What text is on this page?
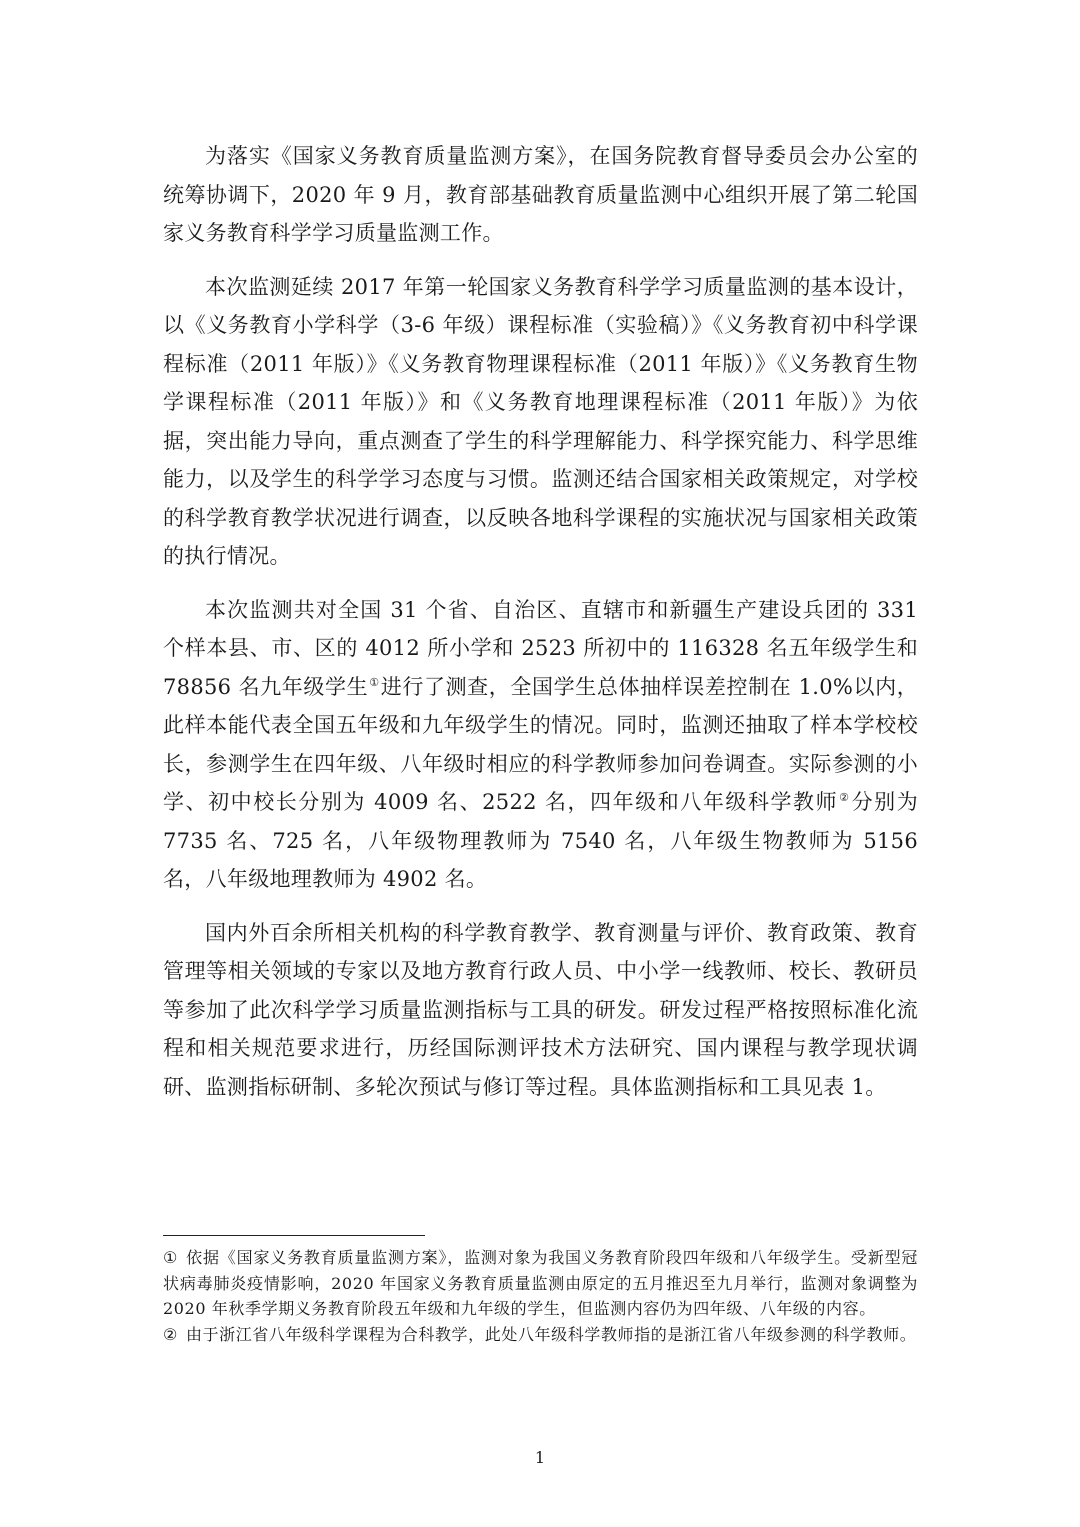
为落实《国家义务教育质量监测方案》，在国务院教育督导委员会办公室的统筹协调下，2020 年 9 月，教育部基础教育质量监测中心组织开展了第二轮国家义务教育科学学习质量监测工作。

本次监测延续 2017 年第一轮国家义务教育科学学习质量监测的基本设计，以《义务教育小学科学（3-6 年级）课程标准（实验稿）》《义务教育初中科学课程标准（2011 年版）》《义务教育物理课程标准（2011 年版）》《义务教育生物学课程标准（2011 年版）》和《义务教育地理课程标准（2011 年版）》为依据，突出能力导向，重点测查了学生的科学理解能力、科学探究能力、科学思维能力，以及学生的科学学习态度与习惯。监测还结合国家相关政策规定，对学校的科学教育教学状况进行调查，以反映各地科学课程的实施状况与国家相关政策的执行情况。

本次监测共对全国 31 个省、自治区、直辖市和新疆生产建设兵团的 331 个样本县、市、区的 4012 所小学和 2523 所初中的 116328 名五年级学生和 78856 名九年级学生①进行了测查，全国学生总体抽样误差控制在 1.0%以内，此样本能代表全国五年级和九年级学生的情况。同时，监测还抽取了样本学校校长，参测学生在四年级、八年级时相应的科学教师参加问卷调查。实际参测的小学、初中校长分别为 4009 名、2522 名，四年级和八年级科学教师②分别为 7735 名、725 名，八年级物理教师为 7540 名，八年级生物教师为 5156 名，八年级地理教师为 4902 名。

国内外百余所相关机构的科学教育教学、教育测量与评价、教育政策、教育管理等相关领域的专家以及地方教育行政人员、中小学一线教师、校长、教研员等参加了此次科学学习质量监测指标与工具的研发。研发过程严格按照标准化流程和相关规范要求进行，历经国际测评技术方法研究、国内课程与教学现状调研、监测指标研制、多轮次预试与修订等过程。具体监测指标和工具见表 1。

① 依据《国家义务教育质量监测方案》，监测对象为我国义务教育阶段四年级和八年级学生。受新型冠状病毒肺炎疫情影响，2020 年国家义务教育质量监测由原定的五月推迟至九月举行，监测对象调整为 2020 年秋季学期义务教育阶段五年级和九年级的学生，但监测内容仍为四年级、八年级的内容。

② 由于浙江省八年级科学课程为合科教学，此处八年级科学教师指的是浙江省八年级参测的科学教师。

1
